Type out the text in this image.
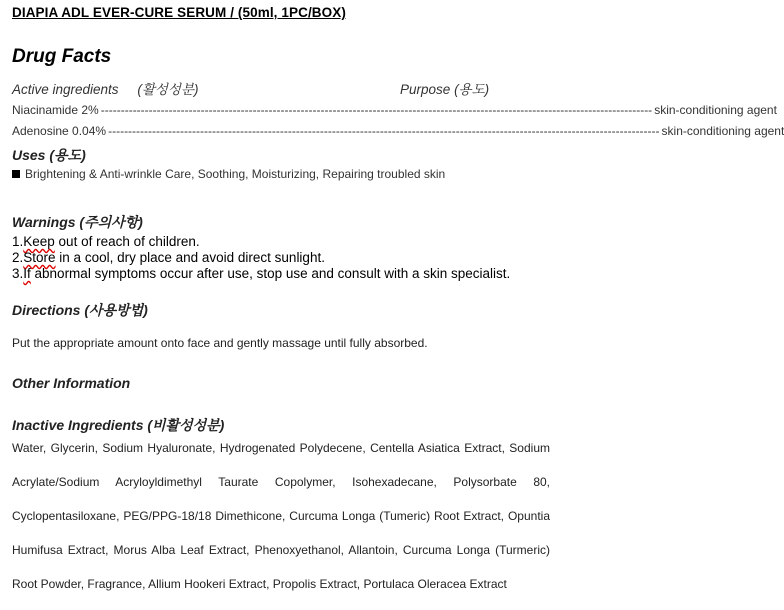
DIAPIA ADL EVER-CURE SERUM / (50ml, 1PC/BOX)
Drug Facts
Active ingredients (활성성분)	Purpose (용도)
Niacinamide 2% ------------------------------------------------------------------------------------------------------------------------------------------ skin-conditioning agent
Adenosine 0.04% ------------------------------------------------------------------------------------------------------------------------------------------ skin-conditioning agent
Uses (용도)
Brightening & Anti-wrinkle Care, Soothing, Moisturizing, Repairing troubled skin
Warnings (주의사항)
1.Keep out of reach of children.
2.Store in a cool, dry place and avoid direct sunlight.
3.If abnormal symptoms occur after use, stop use and consult with a skin specialist.
Directions (사용방법)
Put the appropriate amount onto face and gently massage until fully absorbed.
Other Information
Inactive Ingredients (비활성성분)

Water, Glycerin, Sodium Hyaluronate, Hydrogenated Polydecene, Centella Asiatica Extract, Sodium

Acrylate/Sodium Acryloyldimethyl Taurate Copolymer, Isohexadecane, Polysorbate 80,

Cyclopentasiloxane, PEG/PPG-18/18 Dimethicone, Curcuma Longa (Tumeric) Root Extract, Opuntia

Humifusa Extract, Morus Alba Leaf Extract, Phenoxyethanol, Allantoin, Curcuma Longa (Turmeric)

Root Powder, Fragrance, Allium Hookeri Extract, Propolis Extract, Portulaca Oleracea Extract
